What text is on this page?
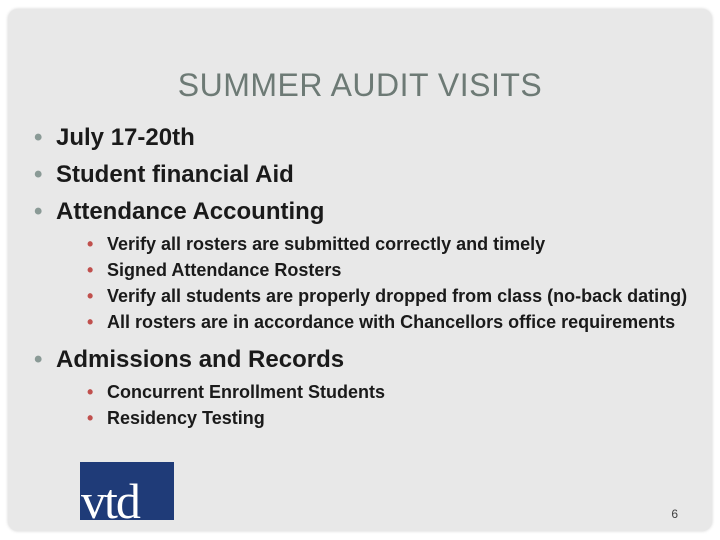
SUMMER AUDIT VISITS
• July 17-20th
• Student financial Aid
• Attendance Accounting
• Verify all rosters are submitted correctly and timely
• Signed Attendance Rosters
• Verify all students are properly dropped from class (no-back dating)
• All rosters are in accordance with Chancellors office requirements
• Admissions and Records
• Concurrent Enrollment Students
• Residency Testing
vtd	6
